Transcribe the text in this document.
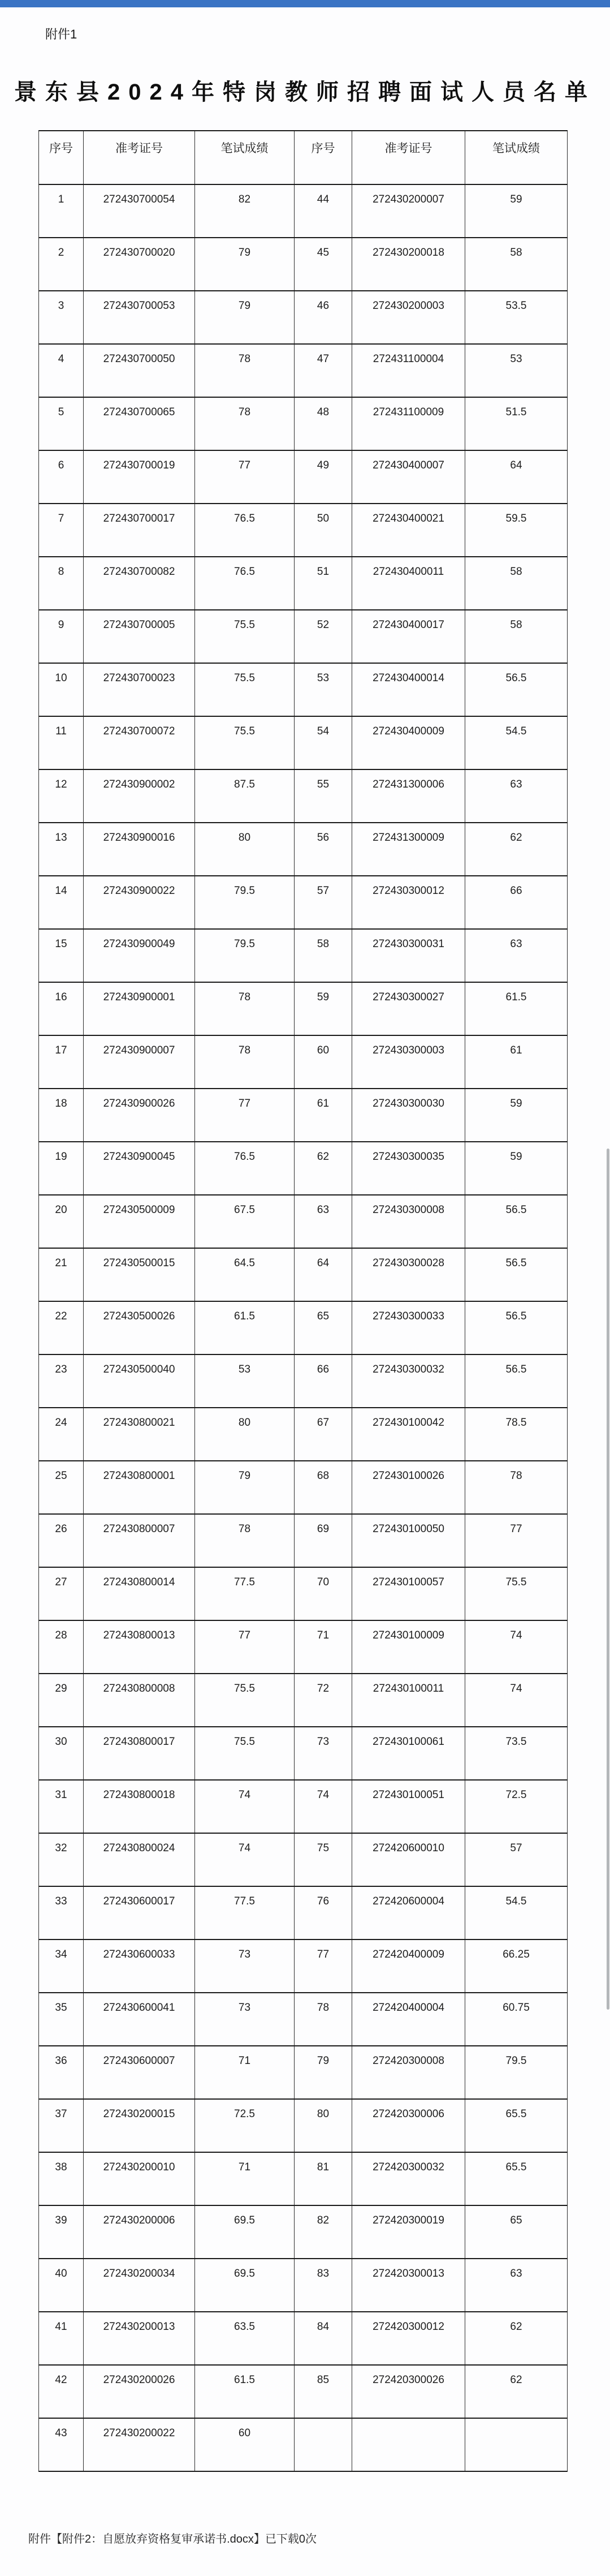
附件1
景东县2024年特岗教师招聘面试人员名单
序号	准考证号	笔试成绩	序号	准考证号	笔试成绩
1	272430700054	82	44	272430200007	59
2	272430700020	79	45	272430200018	58
3	272430700053	79	46	272430200003	53.5
4	272430700050	78	47	272431100004	53
5	272430700065	78	48	272431100009	51.5
6	272430700019	77	49	272430400007	64
7	272430700017	76.5	50	272430400021	59.5
8	272430700082	76.5	51	272430400011	58
9	272430700005	75.5	52	272430400017	58
10	272430700023	75.5	53	272430400014	56.5
11	272430700072	75.5	54	272430400009	54.5
12	272430900002	87.5	55	272431300006	63
13	272430900016	80	56	272431300009	62
14	272430900022	79.5	57	272430300012	66
15	272430900049	79.5	58	272430300031	63
16	272430900001	78	59	272430300027	61.5
17	272430900007	78	60	272430300003	61
18	272430900026	77	61	272430300030	59
19	272430900045	76.5	62	272430300035	59
20	272430500009	67.5	63	272430300008	56.5
21	272430500015	64.5	64	272430300028	56.5
22	272430500026	61.5	65	272430300033	56.5
23	272430500040	53	66	272430300032	56.5
24	272430800021	80	67	272430100042	78.5
25	272430800001	79	68	272430100026	78
26	272430800007	78	69	272430100050	77
27	272430800014	77.5	70	272430100057	75.5
28	272430800013	77	71	272430100009	74
29	272430800008	75.5	72	272430100011	74
30	272430800017	75.5	73	272430100061	73.5
31	272430800018	74	74	272430100051	72.5
32	272430800024	74	75	272420600010	57
33	272430600017	77.5	76	272420600004	54.5
34	272430600033	73	77	272420400009	66.25
35	272430600041	73	78	272420400004	60.75
36	272430600007	71	79	272420300008	79.5
37	272430200015	72.5	80	272420300006	65.5
38	272430200010	71	81	272420300032	65.5
39	272430200006	69.5	82	272420300019	65
40	272430200034	69.5	83	272420300013	63
41	272430200013	63.5	84	272420300012	62
42	272430200026	61.5	85	272420300026	62
43	272430200022	60			
附件【附件2：自愿放弃资格复审承诺书.docx】已下载0次
